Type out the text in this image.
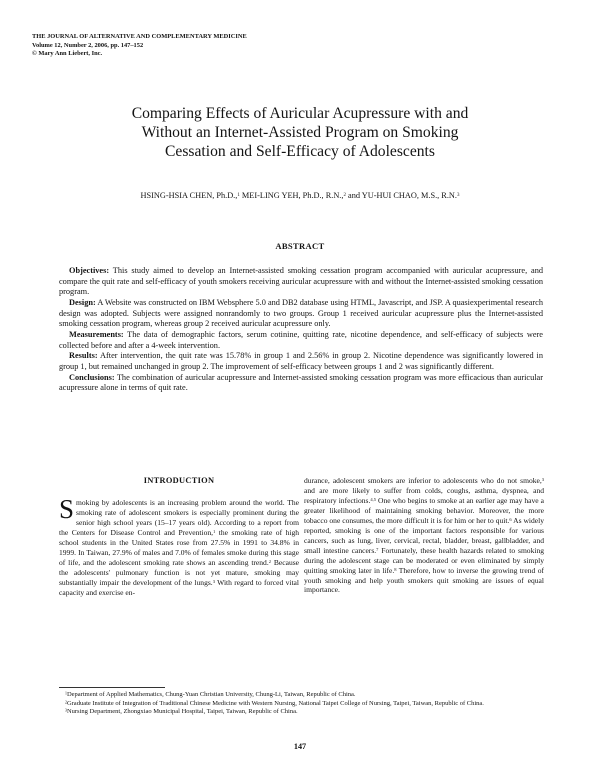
THE JOURNAL OF ALTERNATIVE AND COMPLEMENTARY MEDICINE
Volume 12, Number 2, 2006, pp. 147–152
© Mary Ann Liebert, Inc.
Comparing Effects of Auricular Acupressure with and
Without an Internet-Assisted Program on Smoking
Cessation and Self-Efficacy of Adolescents
HSING-HSIA CHEN, Ph.D.,$^1$ MEI-LING YEH, Ph.D., R.N.,$^2$ and YU-HUI CHAO, M.S., R.N.$^3$
ABSTRACT

Objectives: This study aimed to develop an Internet-assisted smoking cessation program accompanied with auricular acupressure, and compare the quit rate and self-efficacy of youth smokers receiving auricular acupressure with and without the Internet-assisted smoking cessation program.

Design: A Website was constructed on IBM Websphere 5.0 and DB2 database using HTML, Javascript, and JSP. A quasiexperimental research design was adopted. Subjects were assigned nonrandomly to two groups. Group 1 received auricular acupressure plus the Internet-assisted smoking cessation program, whereas group 2 received auricular acupressure only.

Measurements: The data of demographic factors, serum cotinine, quitting rate, nicotine dependence, and self-efficacy of subjects were collected before and after a 4-week intervention.

Results: After intervention, the quit rate was 15.78% in group 1 and 2.56% in group 2. Nicotine dependence was significantly lowered in group 1, but remained unchanged in group 2. The improvement of self-efficacy between groups 1 and 2 was significantly different.

Conclusions: The combination of auricular acupressure and Internet-assisted smoking cessation program was more efficacious than auricular acupressure alone in terms of quit rate.

INTRODUCTION

Smoking by adolescents is an increasing problem around the world. The smoking rate of adolescent smokers is especially prominent during the senior high school years (15–17 years old). According to a report from the Centers for Disease Control and Prevention,$^1$ the smoking rate of high school students in the United States rose from 27.5% in 1991 to 34.8% in 1999. In Taiwan, 27.9% of males and 7.0% of females smoke during this stage of life, and the adolescent smoking rate shows an ascending trend.$^2$ Because the adolescents' pulmonary function is not yet mature, smoking may substantially impair the development of the lungs.$^3$ With regard to forced vital capacity and exercise en-

durance, adolescent smokers are inferior to adolescents who do not smoke,$^3$ and are more likely to suffer from colds, coughs, asthma, dyspnea, and respiratory infections.$^{4,5}$ One who begins to smoke at an earlier age may have a greater likelihood of maintaining smoking behavior. Moreover, the more tobacco one consumes, the more difficult it is for him or her to quit.$^6$ As widely reported, smoking is one of the important factors responsible for various cancers, such as lung, liver, cervical, rectal, bladder, breast, gallbladder, and small intestine cancers.$^7$ Fortunately, these health hazards related to smoking during the adolescent stage can be moderated or even eliminated by simply quitting smoking later in life.$^8$ Therefore, how to inverse the growing trend of youth smoking and help youth smokers quit smoking are issues of equal importance.

$^1$Department of Applied Mathematics, Chung-Yuan Christian University, Chung-Li, Taiwan, Republic of China.

$^2$Graduate Institute of Integration of Traditional Chinese Medicine with Western Nursing, National Taipei College of Nursing, Taipei, Taiwan, Republic of China.

$^3$Nursing Department, Zhongxiao Municipal Hospital, Taipei, Taiwan, Republic of China.

147
